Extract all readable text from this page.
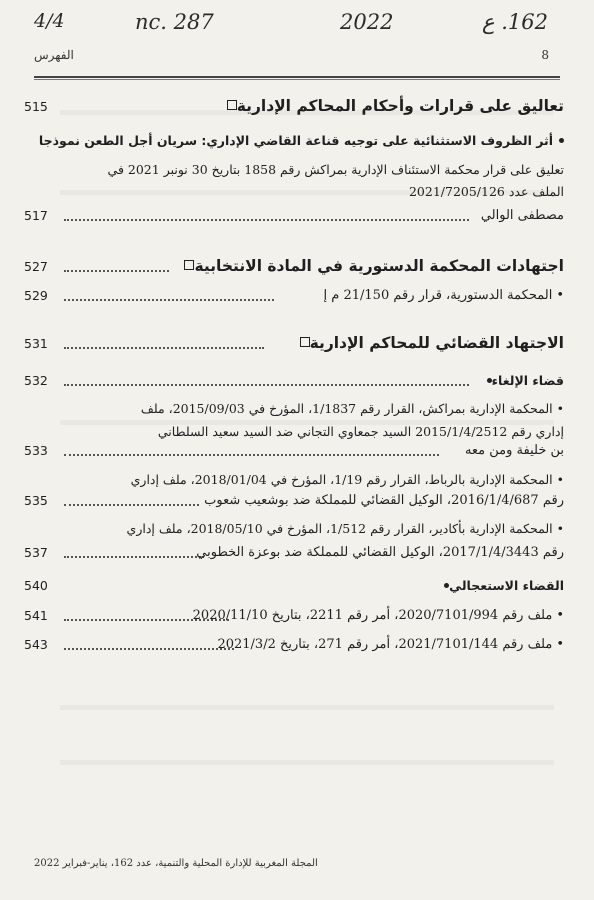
4/4	nc. 287	2022	162. ع
الفهرس	8
515	تعاليق على قرارات وأحكام المحاكم الإدارية
أثر الظروف الاستثنائية على توجيه قناعة القاضي الإداري: سريان أجل الطعن نموذجا
تعليق على قرار محكمة الاستئناف الإدارية بمراكش رقم 1858 بتاريخ 30 نونبر 2021 في
الملف عدد 2021/7205/126
517	مصطفى الوالي
527	اجتهادات المحكمة الدستورية في المادة الانتخابية
529	•المحكمة الدستورية، قرار رقم 21/150 م إ
531	الاجتهاد القضائي للمحاكم الإدارية
532	قضاء الإلغاء
•المحكمة الإدارية بمراكش، القرار رقم 1/1837، المؤرخ في 2015/09/03، ملف
إداري رقم 2015/1/4/2512 السيد جمعاوي التجاني ضد السيد سعيد السلطاني
533	بن خليفة ومن معه
•المحكمة الإدارية بالرباط، القرار رقم 1/19، المؤرخ في 2018/01/04، ملف إداري
535	رقم 2016/1/4/687، الوكيل القضائي للمملكة ضد بوشعيب شعوب
•المحكمة الإدارية بأكادير، القرار رقم 1/512، المؤرخ في 2018/05/10، ملف إداري
537	رقم 2017/1/4/3443، الوكيل القضائي للمملكة ضد بوعزة الخطوبي
540	القضاء الاستعجالي
541	•ملف رقم 2020/7101/994، أمر رقم 2211، بتاريخ 2020/11/10
543	•ملف رقم 2021/7101/144، أمر رقم 271، بتاريخ 2021/3/2
المجلة المغربية للإدارة المحلية والتنمية، عدد 162، يناير-فبراير 2022
